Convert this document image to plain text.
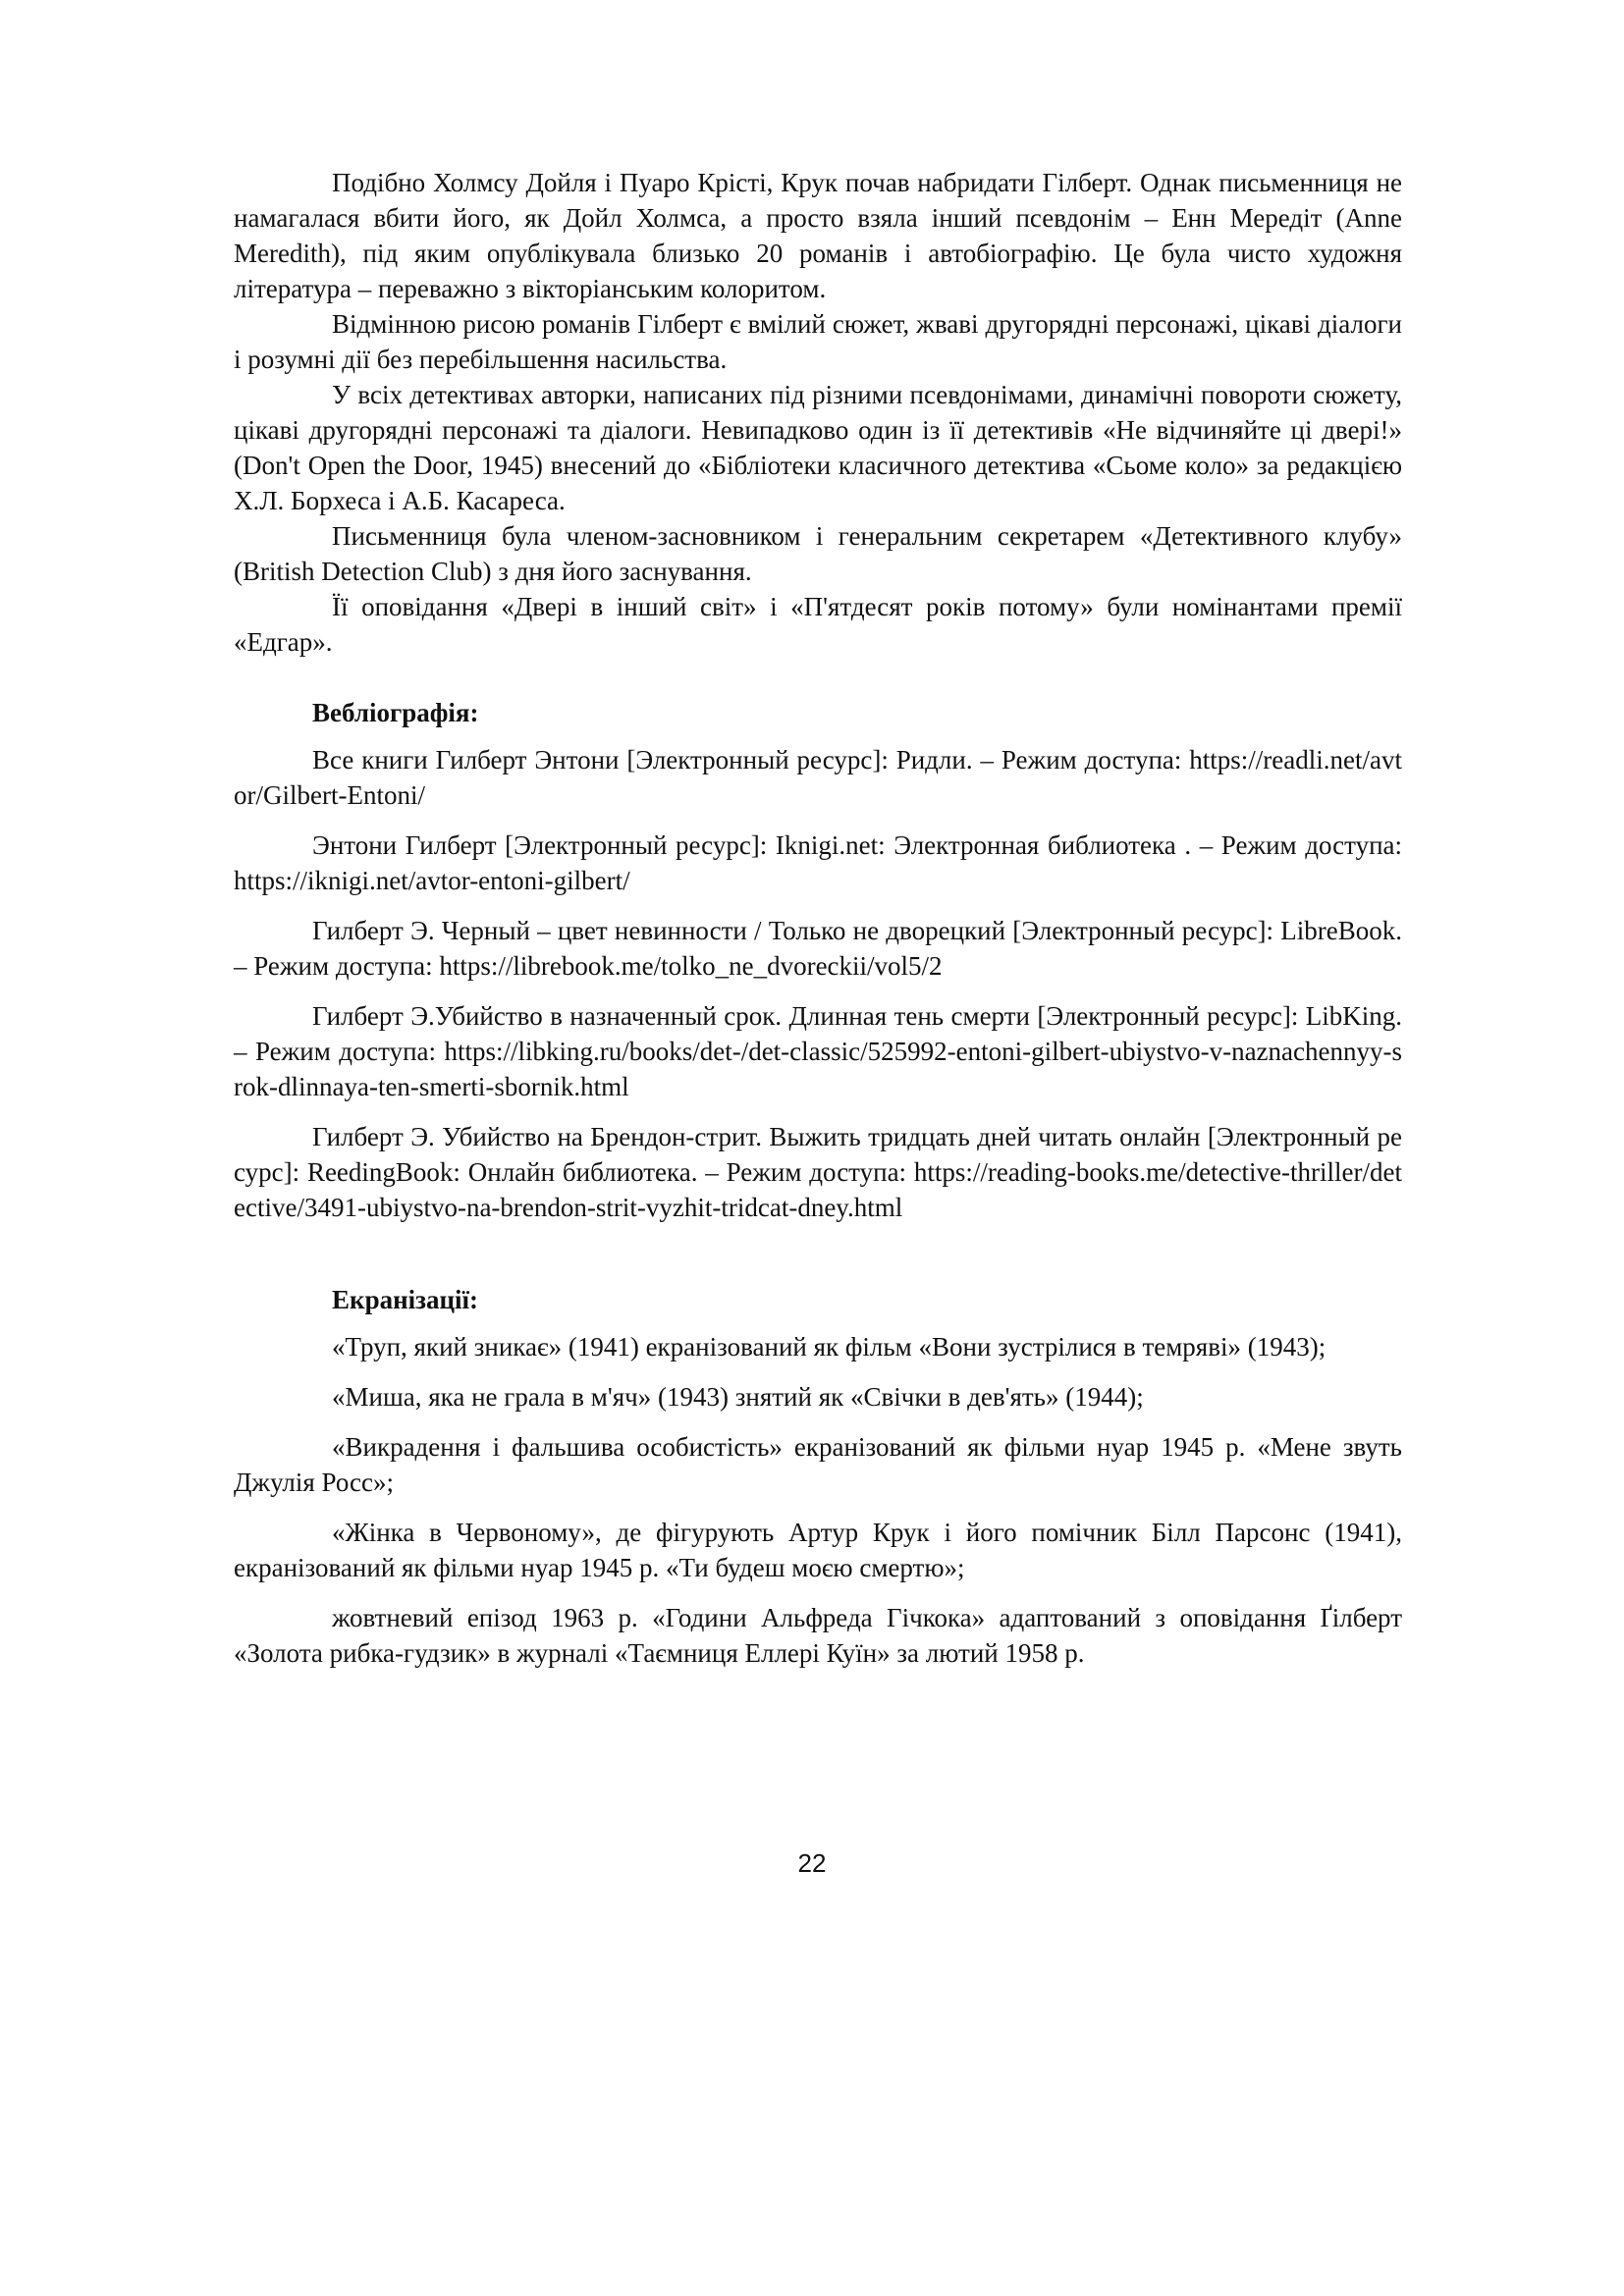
Подібно Холмсу Дойля і Пуаро Крісті, Крук почав набридати Гілберт. Однак письменниця не намагалася вбити його, як Дойл Холмса, а просто взяла інший псевдонім – Енн Мередіт (Anne Meredith), під яким опублікувала близько 20 романів і автобіографію. Це була чисто художня література – переважно з вікторіанським колоритом.

Відмінною рисою романів Гілберт є вмілий сюжет, жваві другорядні персонажі, цікаві діалоги і розумні дії без перебільшення насильства.

У всіх детективах авторки, написаних під різними псевдонімами, динамічні повороти сюжету, цікаві другорядні персонажі та діалоги. Невипадково один із її детективів «Не відчиняйте ці двері!» (Don't Open the Door, 1945) внесений до «Бібліотеки класичного детектива «Сьоме коло» за редакцією Х.Л. Борхеса і А.Б. Касареса.

Письменниця була членом-засновником і генеральним секретарем «Детективного клубу» (British Detection Club) з дня його заснування.

Її оповідання «Двері в інший світ» і «П'ятдесят років потому» були номінантами премії «Едгар».

Вебліографія:

Все книги Гилберт Энтони [Электронный ресурс]: Ридли. – Режим доступа: https://readli.net/avtor/Gilbert-Entoni/

Энтони Гилберт [Электронный ресурс]: Iknigi.net: Электронная библиотека . – Режим доступа: https://iknigi.net/avtor-entoni-gilbert/

Гилберт Э. Черный – цвет невинности / Только не дворецкий [Электронный ресурс]: LibreBook. – Режим доступа: https://librebook.me/tolko_ne_dvoreckii/vol5/2

Гилберт Э.Убийство в назначенный срок. Длинная тень смерти [Электронный ресурс]: LibKing. – Режим доступа: https://libking.ru/books/det-/det-classic/525992-entoni-gilbert-ubiystvo-v-naznachennyy-srok-dlinnaya-ten-smerti-sbornik.html

Гилберт Э. Убийство на Брендон-стрит. Выжить тридцать дней читать онлайн [Электронный ресурс]: ReedingBook: Онлайн библиотека. – Режим доступа: https://reading-books.me/detective-thriller/detective/3491-ubiystvo-na-brendon-strit-vyzhit-tridcat-dney.html

Екранізації:

«Труп, який зникає» (1941) екранізований як фільм «Вони зустрілися в темряві» (1943);

«Миша, яка не грала в м'яч» (1943) знятий як «Свічки в дев'ять» (1944);

«Викрадення і фальшива особистість» екранізований як фільми нуар 1945 р. «Мене звуть Джулія Росс»;

«Жінка в Червоному», де фігурують Артур Крук і його помічник Білл Парсонс (1941), екранізований як фільми нуар 1945 р. «Ти будеш моєю смертю»;

жовтневий епізод 1963 р. «Години Альфреда Гічкока» адаптований з оповідання Ґілберт «Золота рибка-гудзик» в журналі «Таємниця Еллері Куїн» за лютий 1958 р.

22
